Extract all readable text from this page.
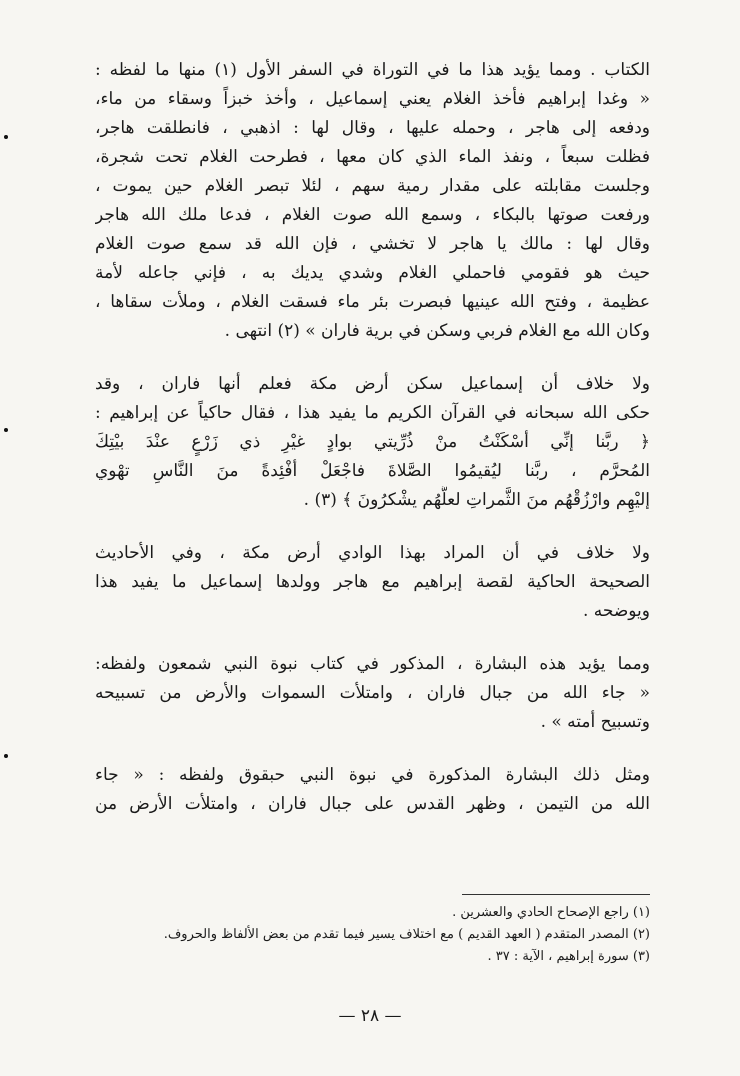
الكتاب . ومما يؤيد هذا ما في التوراة في السفر الأول (١) منها ما لفظه :
« وغدا إبراهيم فأخذ الغلام يعني إسماعيل ، وأخذ خبزاً وسقاء من ماء،
ودفعه إلى هاجر ، وحمله عليها ، وقال لها : اذهبي ، فانطلقت هاجر،
فظلت سبعاً ، ونفذ الماء الذي كان معها ، فطرحت الغلام تحت شجرة،
وجلست مقابلته على مقدار رمية سهم ، لئلا تبصر الغلام حين يموت ،
ورفعت صوتها بالبكاء ، وسمع الله صوت الغلام ، فدعا ملك الله هاجر
وقال لها : مالك يا هاجر لا تخشي ، فإن الله قد سمع صوت الغلام
حيث هو فقومي فاحملي الغلام وشدي يديك به ، فإني جاعله لأمة
عظيمة ، وفتح الله عينيها فبصرت بئر ماء فسقت الغلام ، وملأت سقاها ،
وكان الله مع الغلام فربي وسكن في برية فاران » (٢) انتهى .
ولا خلاف أن إسماعيل سكن أرض مكة فعلم أنها فاران ، وقد
حكى الله سبحانه في القرآن الكريم ما يفيد هذا ، فقال حاكياً عن إبراهيم :
﴿ ربَّنا إنِّي أسْكَنْتُ منْ ذُرِّيتي بوادٍ غيْرِ ذي زَرْعٍ عنْدَ بيْتِكَ
المُحرَّم ، ربَّنا ليُقيمُوا الصَّلاةَ فاجْعَلْ أفْئِدةً منَ النَّاسِ تهْوي
إليْهِم وارْزُقْهُم منَ الثَّمراتِ لعلَّهُم يشْكرُونَ ﴾ (٣) .
ولا خلاف في أن المراد بهذا الوادي أرض مكة ، وفي الأحاديث
الصحيحة الحاكية لقصة إبراهيم مع هاجر وولدها إسماعيل ما يفيد هذا
ويوضحه .
ومما يؤيد هذه البشارة ، المذكور في كتاب نبوة النبي شمعون ولفظه:
« جاء الله من جبال فاران ، وامتلأت السموات والأرض من تسبيحه
وتسبيح أمته » .
ومثل ذلك البشارة المذكورة في نبوة النبي حبقوق ولفظه : « جاء
الله من التيمن ، وظهر القدس على جبال فاران ، وامتلأت الأرض من
(١) راجع الإصحاح الحادي والعشرين .
(٢) المصدر المتقدم ( العهد القديم ) مع اختلاف يسير فيما تقدم من بعض الألفاظ والحروف.
(٣) سورة إبراهيم ، الآية : ٣٧ .
— ٢٨ —
